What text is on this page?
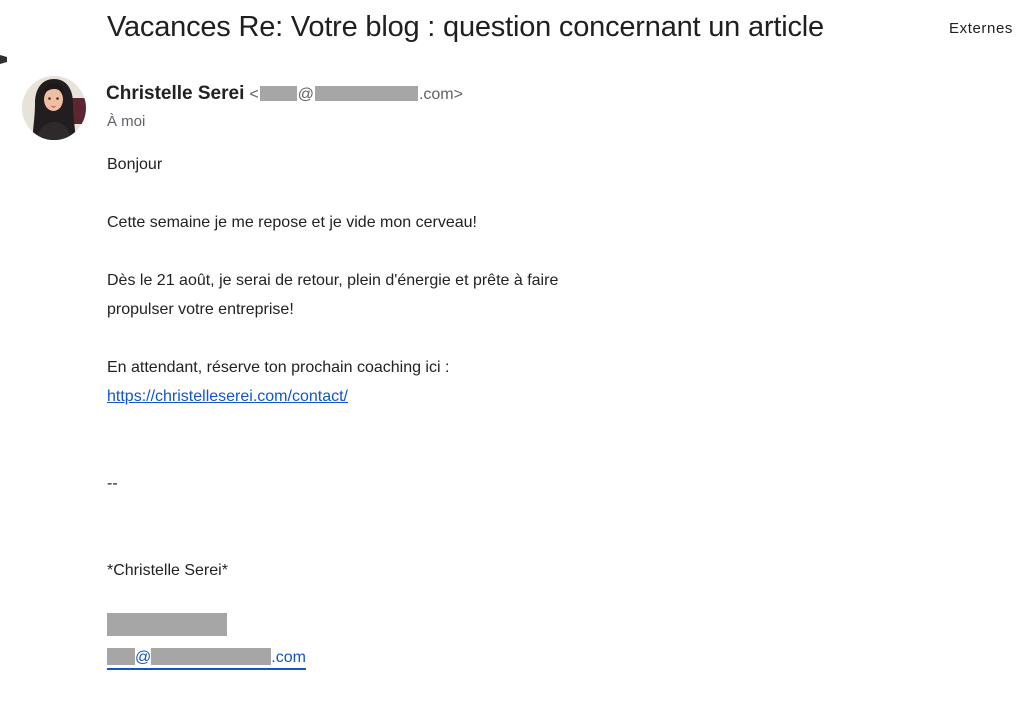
Vacances Re: Votre blog : question concernant un article	Externes
Christelle Serei < @	.com>
À moi
Bonjour
Cette semaine je me repose et je vide mon cerveau!
Dès le 21 août, je serai de retour, plein d'énergie et prête à faire
propulser votre entreprise!
En attendant, réserve ton prochain coaching ici :
https://christelleserei.com/contact/
--
*Christelle Serei*
@	.com
